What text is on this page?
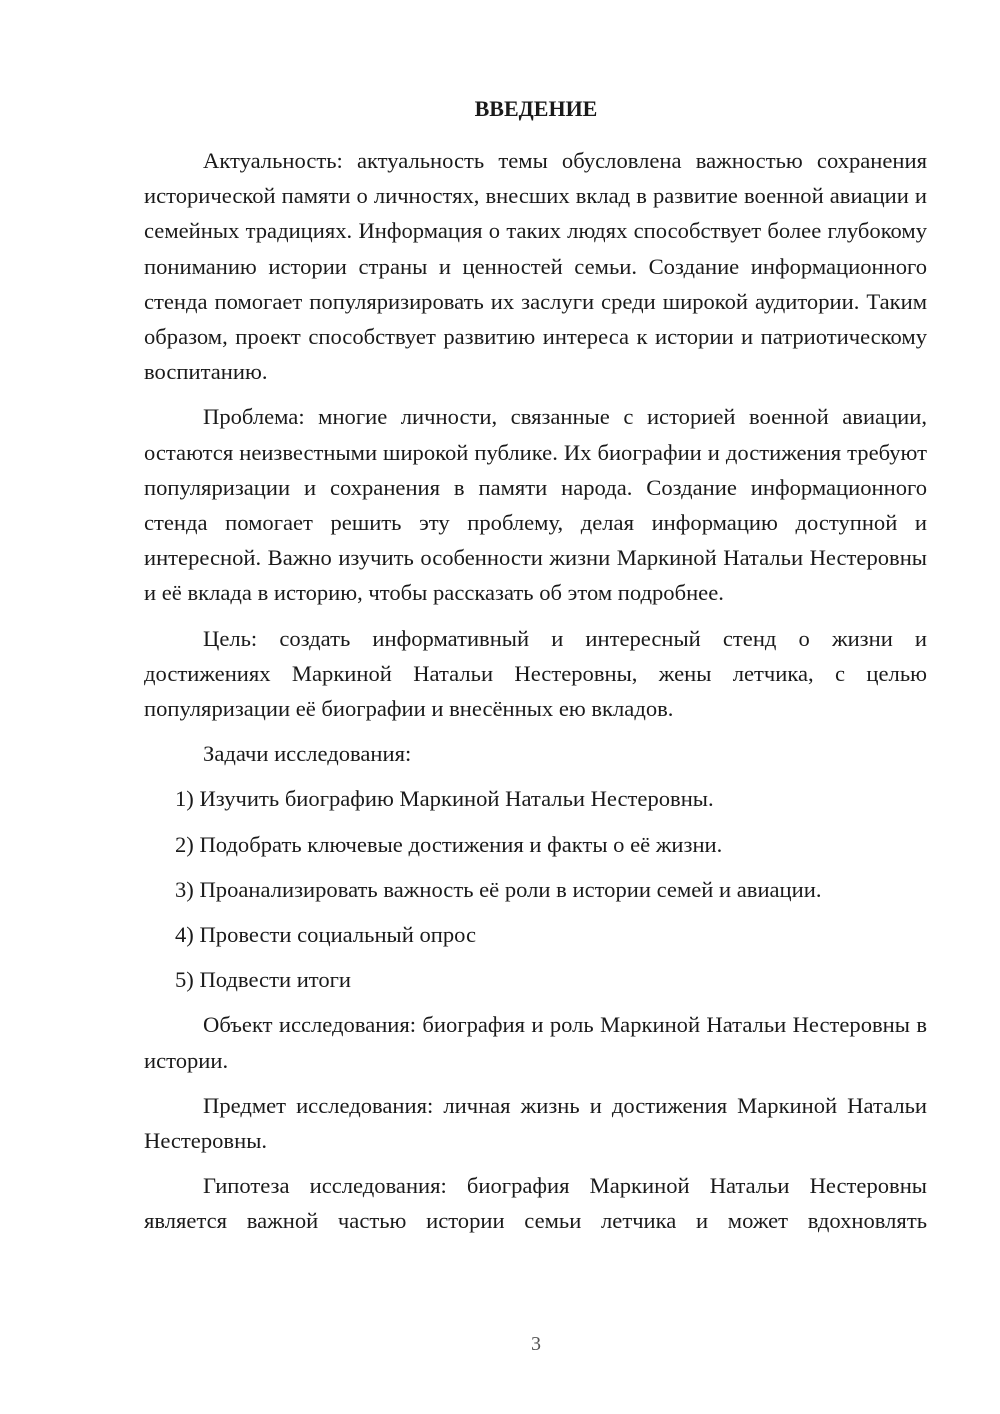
ВВЕДЕНИЕ

Актуальность: актуальность темы обусловлена важностью сохранения исторической памяти о личностях, внесших вклад в развитие военной авиации и семейных традициях. Информация о таких людях способствует более глубокому пониманию истории страны и ценностей семьи. Создание информационного стенда помогает популяризировать их заслуги среди широкой аудитории. Таким образом, проект способствует развитию интереса к истории и патриотическому воспитанию.

Проблема: многие личности, связанные с историей военной авиации, остаются неизвестными широкой публике. Их биографии и достижения требуют популяризации и сохранения в памяти народа. Создание информационного стенда помогает решить эту проблему, делая информацию доступной и интересной. Важно изучить особенности жизни Маркиной Натальи Нестеровны и её вклада в историю, чтобы рассказать об этом подробнее.

Цель: создать информативный и интересный стенд о жизни и достижениях Маркиной Натальи Нестеровны, жены летчика, с целью популяризации её биографии и внесённых ею вкладов.

Задачи исследования:

1) Изучить биографию Маркиной Натальи Нестеровны.

2) Подобрать ключевые достижения и факты о её жизни.

3) Проанализировать важность её роли в истории семей и авиации.

4) Провести социальный опрос

5) Подвести итоги

Объект исследования: биография и роль Маркиной Натальи Нестеровны в истории.

Предмет исследования: личная жизнь и достижения Маркиной Натальи Нестеровны.

Гипотеза исследования: биография Маркиной Натальи Нестеровны является важной частью истории семьи летчика и может вдохновлять

3
